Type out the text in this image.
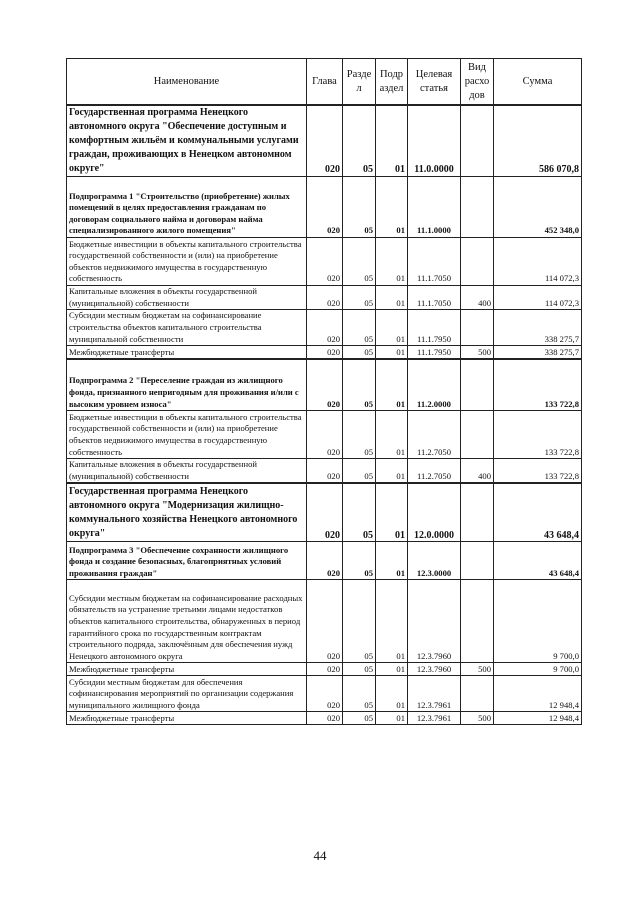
Наименование	Глава	Разде л	Подр аздел	Целевая статья	Вид расхо дов	Сумма
Государственная программа Ненецкого автономного округа "Обеспечение доступным и комфортным жильём и коммунальными услугами граждан, проживающих в Ненецком автономном округе"	020	05	01	11.0.0000		586 070,8
Подпрограмма 1 "Строительство (приобретение) жилых помещений в целях предоставления гражданам по договорам социального найма и договорам найма специализированного жилого помещения"	020	05	01	11.1.0000		452 348,0
Бюджетные инвестиции в объекты капитального строительства государственной собственности и (или) на приобретение объектов недвижимого имущества в государственную собственность	020	05	01	11.1.7050		114 072,3
Капитальные вложения в объекты государственной (муниципальной) собственности	020	05	01	11.1.7050	400	114 072,3
Субсидии местным бюджетам на софинансирование строительства объектов капитального строительства муниципальной собственности	020	05	01	11.1.7950		338 275,7
Межбюджетные трансферты	020	05	01	11.1.7950	500	338 275,7
Подпрограмма 2 "Переселение граждан из жилищного фонда, признанного непригодным для проживания и/или с высоким уровнем износа"	020	05	01	11.2.0000		133 722,8
Бюджетные инвестиции в объекты капитального строительства государственной собственности и (или) на приобретение объектов недвижимого имущества в государственную собственность	020	05	01	11.2.7050		133 722,8
Капитальные вложения в объекты государственной (муниципальной) собственности	020	05	01	11.2.7050	400	133 722,8
Государственная программа Ненецкого автономного округа "Модернизация жилищно-коммунального хозяйства Ненецкого автономного округа"	020	05	01	12.0.0000		43 648,4
Подпрограмма 3 "Обеспечение сохранности жилищного фонда и создание безопасных, благоприятных условий проживания граждан"	020	05	01	12.3.0000		43 648,4
Субсидии местным бюджетам на софинансирование расходных обязательств на устранение третьими лицами недостатков объектов капитального строительства, обнаруженных в период гарантийного срока по государственным контрактам строительного подряда, заключённым для обеспечения нужд Ненецкого автономного округа	020	05	01	12.3.7960		9 700,0
Межбюджетные трансферты	020	05	01	12.3.7960	500	9 700,0
Субсидии местным бюджетам для обеспечения софинансирования мероприятий по организации содержания муниципального жилищного фонда	020	05	01	12.3.7961		12 948,4
Межбюджетные трансферты	020	05	01	12.3.7961	500	12 948,4
44
